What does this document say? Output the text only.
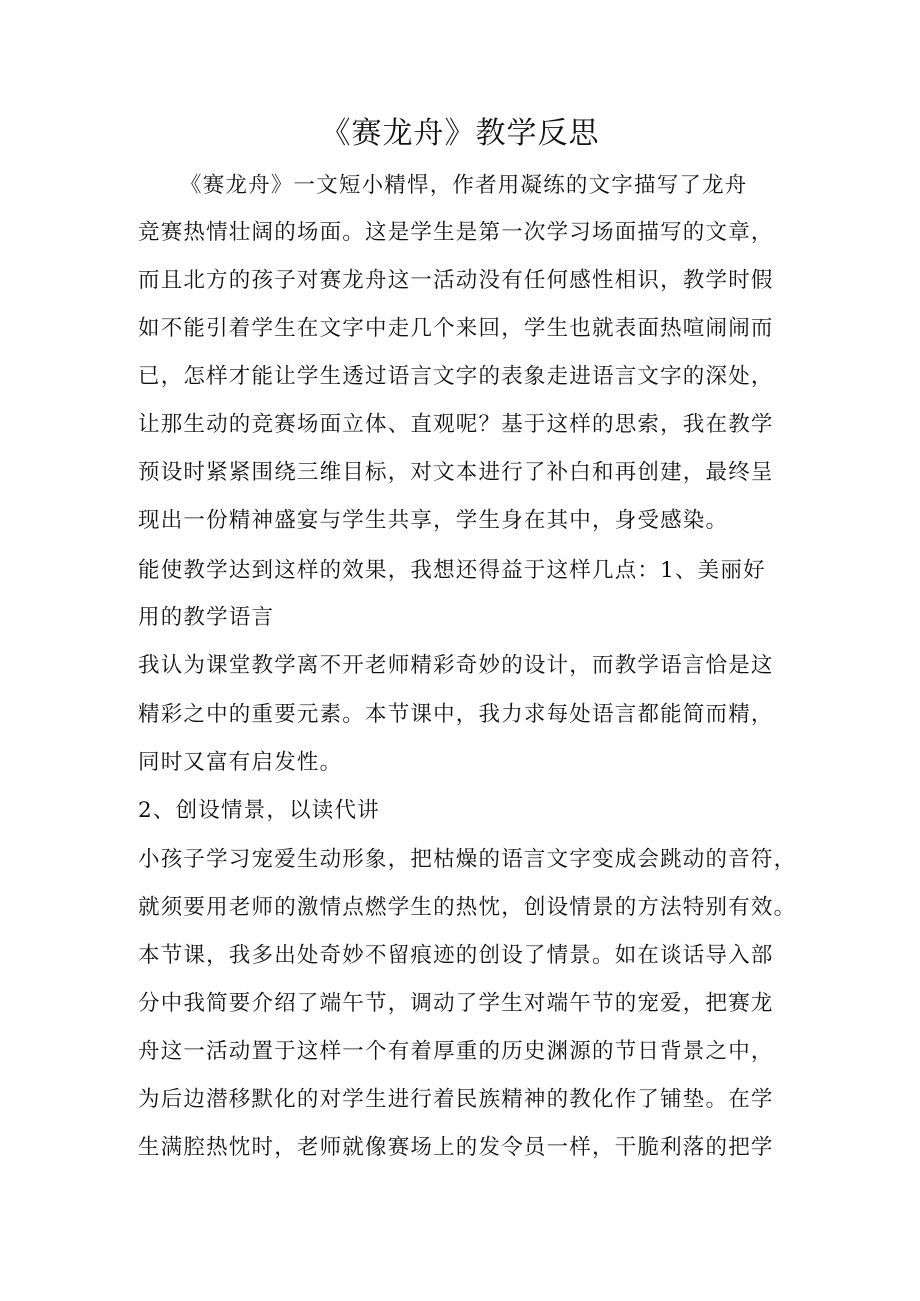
《赛龙舟》教学反思
《赛龙舟》一文短小精悍，作者用凝练的文字描写了龙舟
竞赛热情壮阔的场面。这是学生是第一次学习场面描写的文章，
而且北方的孩子对赛龙舟这一活动没有任何感性相识，教学时假
如不能引着学生在文字中走几个来回，学生也就表面热喧闹闹而
已，怎样才能让学生透过语言文字的表象走进语言文字的深处，
让那生动的竞赛场面立体、直观呢？基于这样的思索，我在教学
预设时紧紧围绕三维目标，对文本进行了补白和再创建，最终呈
现出一份精神盛宴与学生共享，学生身在其中，身受感染。
能使教学达到这样的效果，我想还得益于这样几点：1、美丽好
用的教学语言
我认为课堂教学离不开老师精彩奇妙的设计，而教学语言恰是这
精彩之中的重要元素。本节课中，我力求每处语言都能简而精，
同时又富有启发性。
2、创设情景，以读代讲
小孩子学习宠爱生动形象，把枯燥的语言文字变成会跳动的音符，
就须要用老师的激情点燃学生的热忱，创设情景的方法特别有效。
本节课，我多出处奇妙不留痕迹的创设了情景。如在谈话导入部
分中我简要介绍了端午节，调动了学生对端午节的宠爱，把赛龙
舟这一活动置于这样一个有着厚重的历史渊源的节日背景之中，
为后边潜移默化的对学生进行着民族精神的教化作了铺垫。在学
生满腔热忱时，老师就像赛场上的发令员一样，干脆利落的把学
